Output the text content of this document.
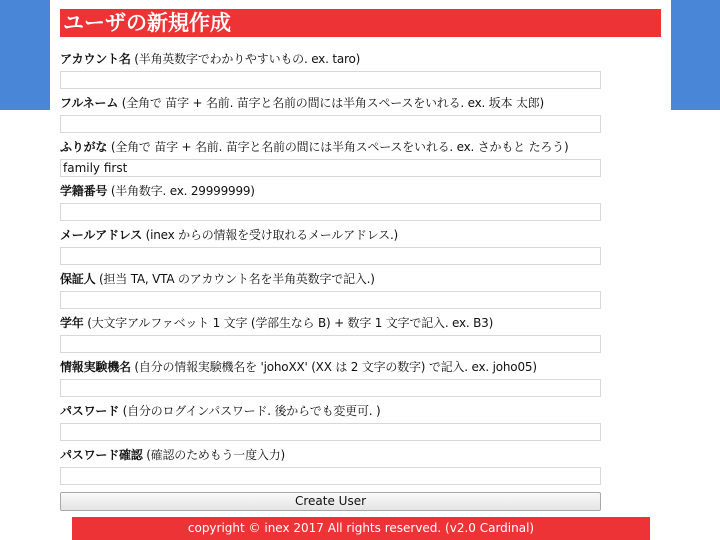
ユーザの新規作成
アカウント名 (半角英数字でわかりやすいもの. ex. taro)
フルネーム (全角で 苗字 + 名前. 苗字と名前の間には半角スペースをいれる. ex. 坂本 太郎)
ふりがな (全角で 苗字 + 名前. 苗字と名前の間には半角スペースをいれる. ex. さかもと たろう)
family first
学籍番号 (半角数字. ex. 29999999)
メールアドレス (inex からの情報を受け取れるメールアドレス.)
保証人 (担当 TA, VTA のアカウント名を半角英数字で記入.)
学年 (大文字アルファベット 1 文字 (学部生なら B) + 数字 1 文字で記入. ex. B3)
情報実験機名 (自分の情報実験機名を 'johoXX' (XX は 2 文字の数字) で記入. ex. joho05)
パスワード (自分のログインパスワード. 後からでも変更可. )
パスワード確認 (確認のためもう一度入力)
Create User
copyright © inex 2017 All rights reserved. (v2.0 Cardinal)
